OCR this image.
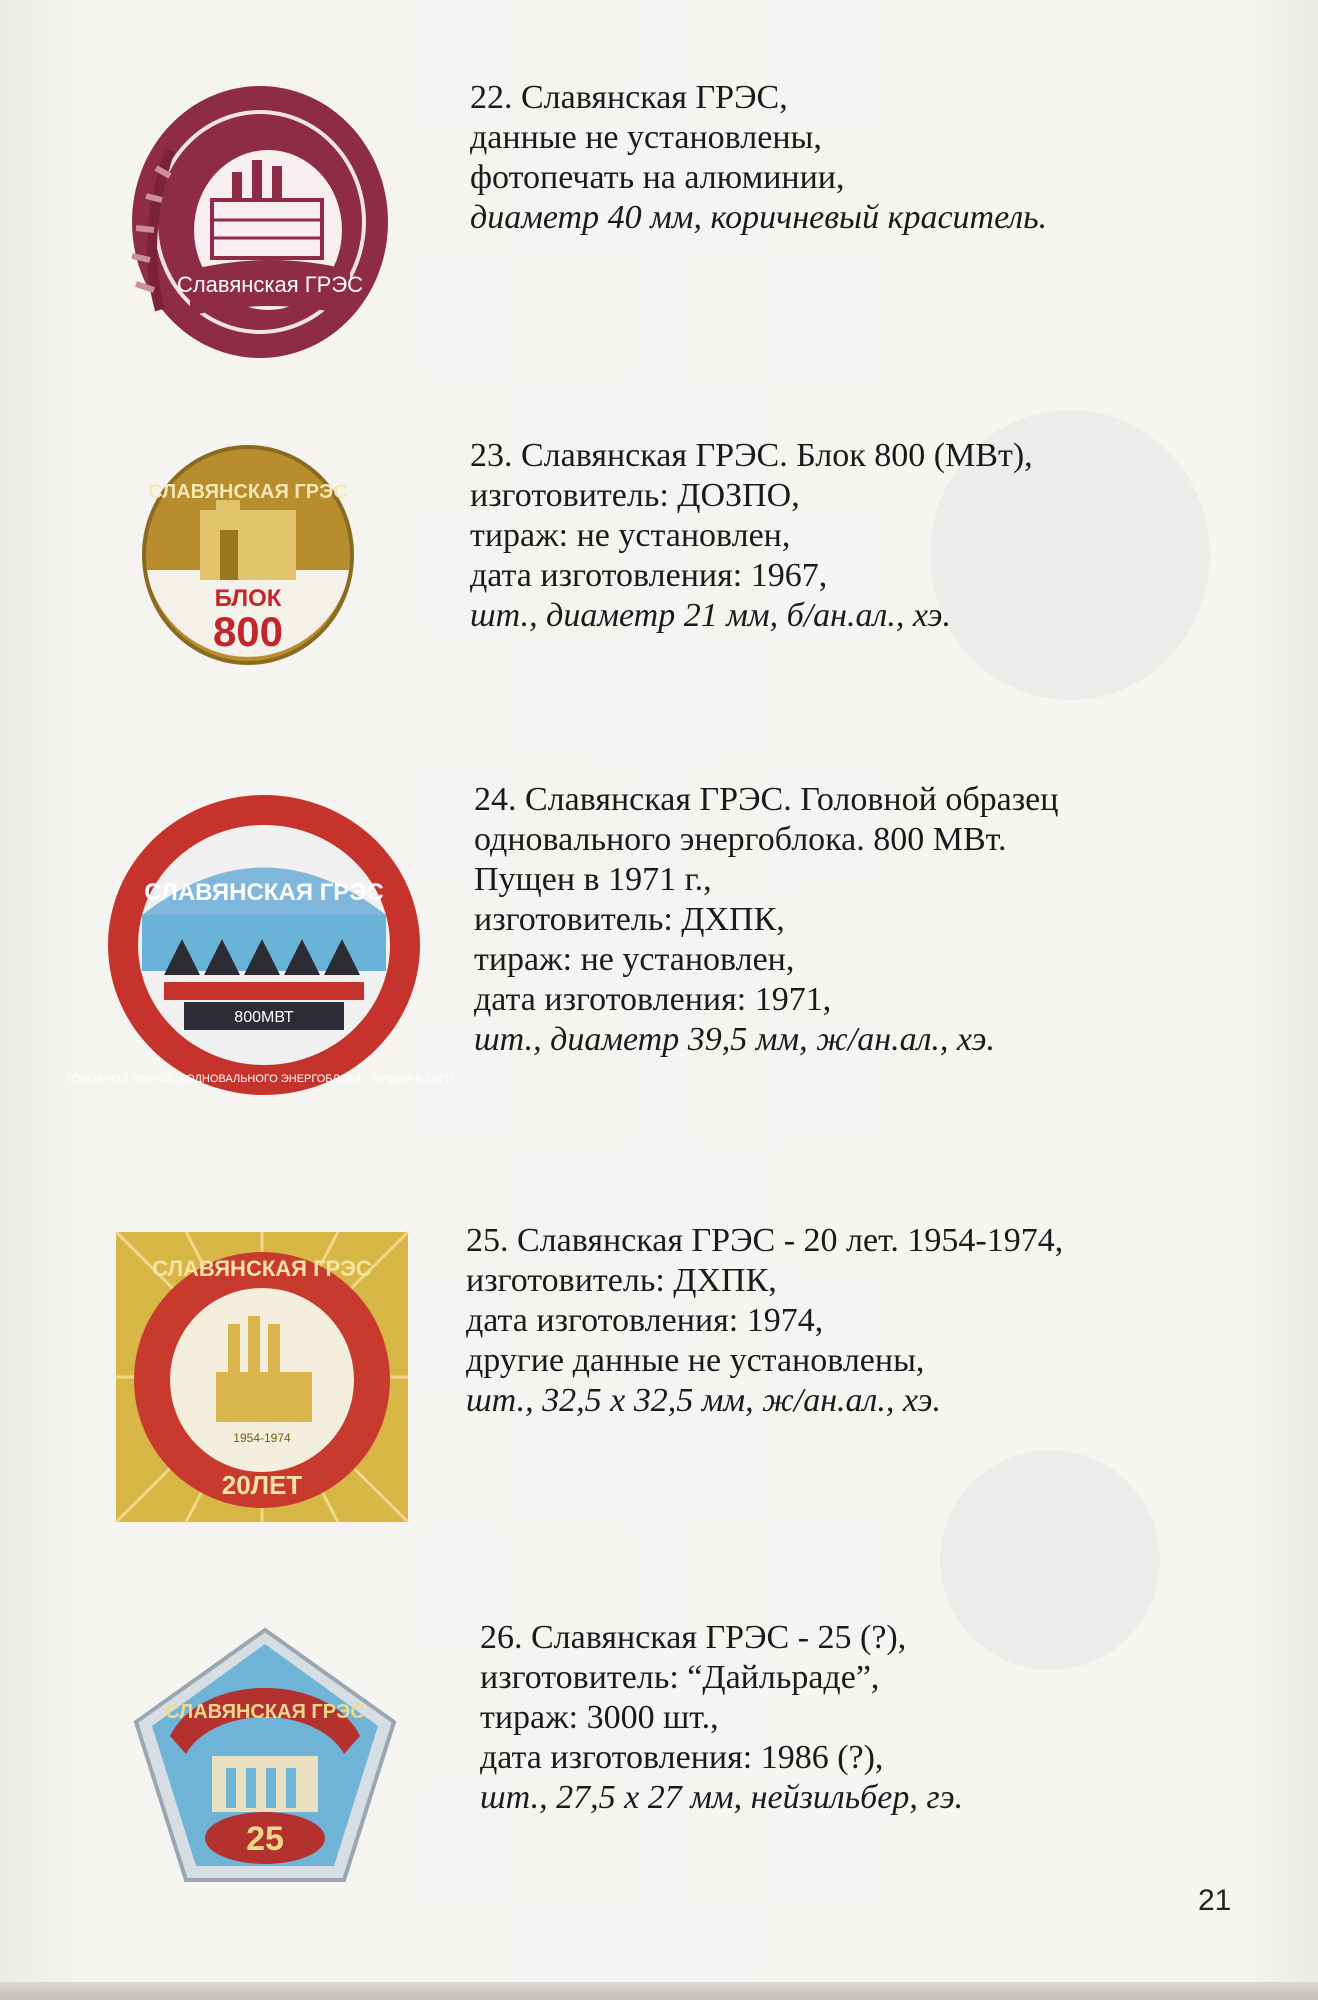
Славянская ГРЭС
СЛАВЯНСКАЯ ГРЭС
БЛОК
800
800МВТ
СЛАВЯНСКАЯ ГРЭС
ГОЛОВНОЙ ОБРАЗЕЦ ОДНОВАЛЬНОГО ЭНЕРГОБЛОКА · ПУЩЕН В 1971г ·
1954-1974
СЛАВЯНСКАЯ ГРЭС
20ЛЕТ
СЛАВЯНСКАЯ ГРЭС
25
22. Славянская ГРЭС,
данные не установлены,
фотопечать на алюминии,
диаметр 40 мм, коричневый краситель.
23. Славянская ГРЭС. Блок 800 (МВт),
изготовитель: ДОЗПО,
тираж: не установлен,
дата изготовления: 1967,
шт., диаметр 21 мм, б/ан.ал., хэ.
24. Славянская ГРЭС. Головной образец
одновального энергоблока. 800 МВт.
Пущен в 1971 г.,
изготовитель: ДХПК,
тираж: не установлен,
дата изготовления: 1971,
шт., диаметр 39,5 мм, ж/ан.ал., хэ.
25. Славянская ГРЭС - 20 лет. 1954-1974,
изготовитель: ДХПК,
дата изготовления: 1974,
другие данные не установлены,
шт., 32,5 х 32,5 мм, ж/ан.ал., хэ.
26. Славянская ГРЭС - 25 (?),
изготовитель: “Дайльраде”,
тираж: 3000 шт.,
дата изготовления: 1986 (?),
шт., 27,5 х 27 мм, нейзильбер, гэ.
21
